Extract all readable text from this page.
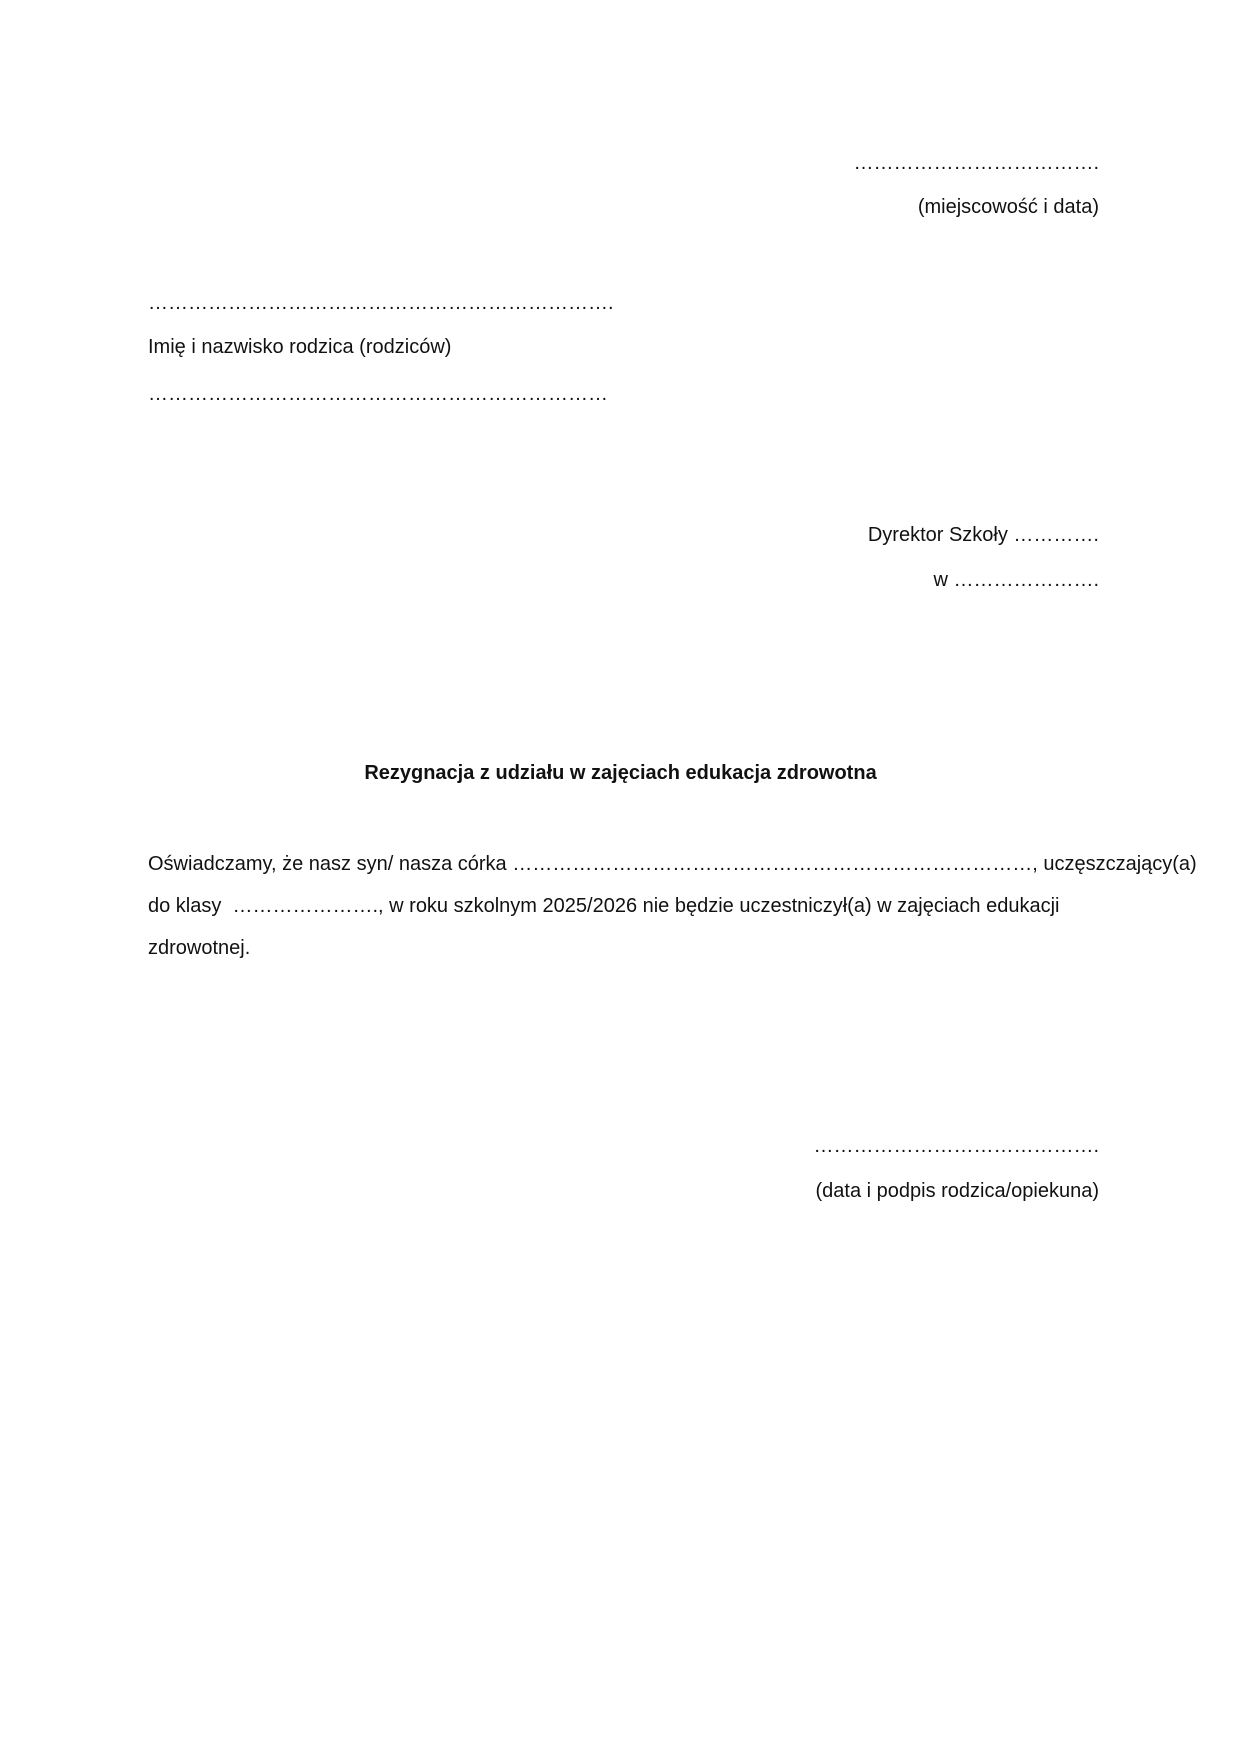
……………………………….
(miejscowość i data)
…………………………………………………………….
Imię i nazwisko rodzica (rodziców)
……………………………………………………………
Dyrektor Szkoły ………….
w ………………….
Rezygnacja z udziału w zajęciach edukacja zdrowotna
Oświadczamy, że nasz syn/ nasza córka ……………………………………………………………………, uczęszczający(a)
do klasy  …………………., w roku szkolnym 2025/2026 nie będzie uczestniczył(a) w zajęciach edukacji
zdrowotnej.
…………………………………….
(data i podpis rodzica/opiekuna)
